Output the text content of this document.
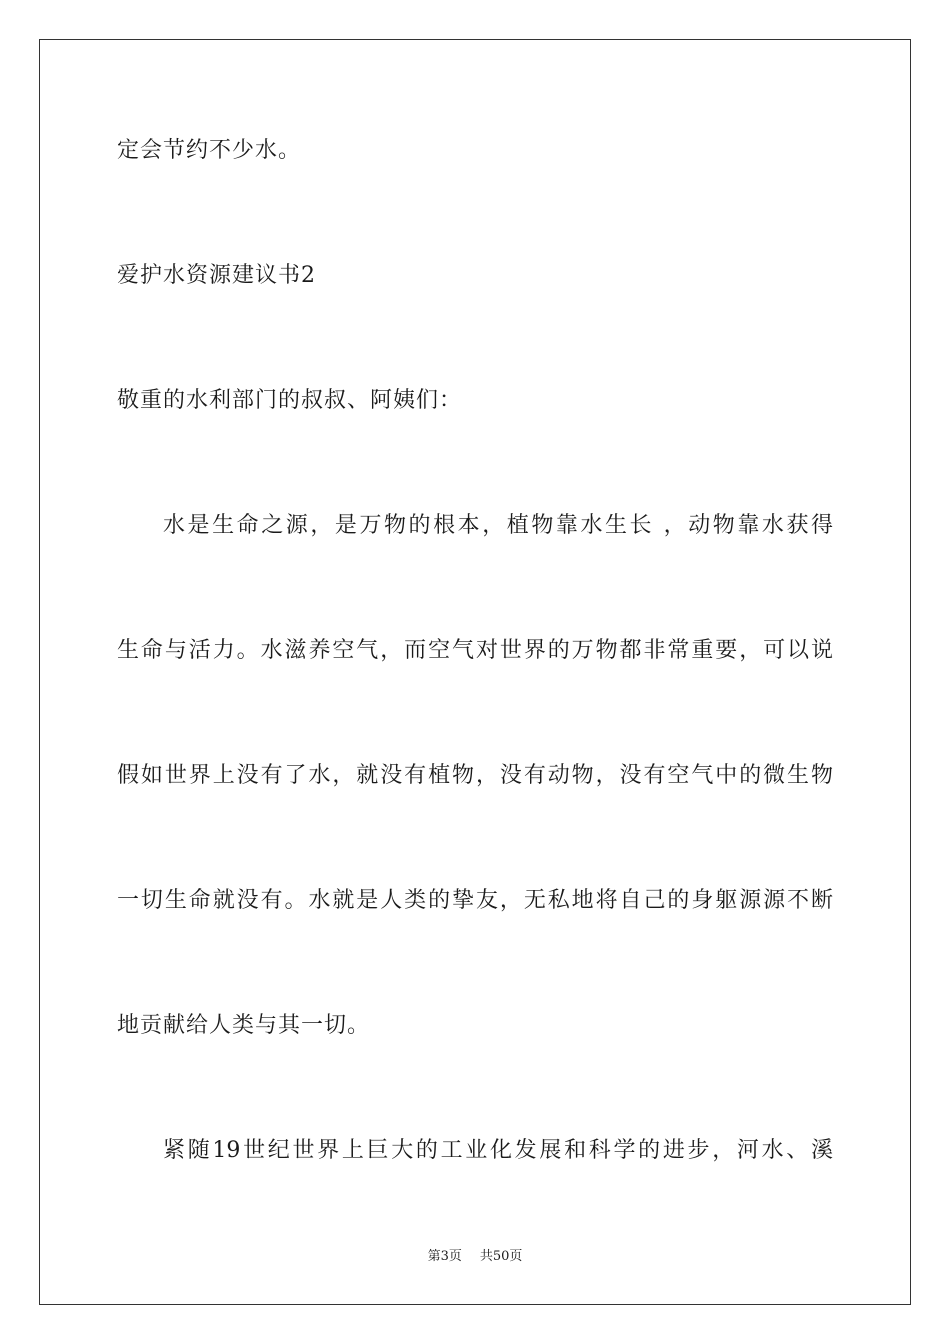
定会节约不少水。
爱护水资源建议书2
敬重的水利部门的叔叔、阿姨们：
水是生命之源，是万物的根本，植物靠水生长 ，动物靠水获得
生命与活力。水滋养空气，而空气对世界的万物都非常重要，可以说
假如世界上没有了水，就没有植物，没有动物，没有空气中的微生物
一切生命就没有。水就是人类的挚友，无私地将自己的身躯源源不断
地贡献给人类与其一切。
紧随19世纪世界上巨大的工业化发展和科学的进步，河水、溪
第3页 共50页
